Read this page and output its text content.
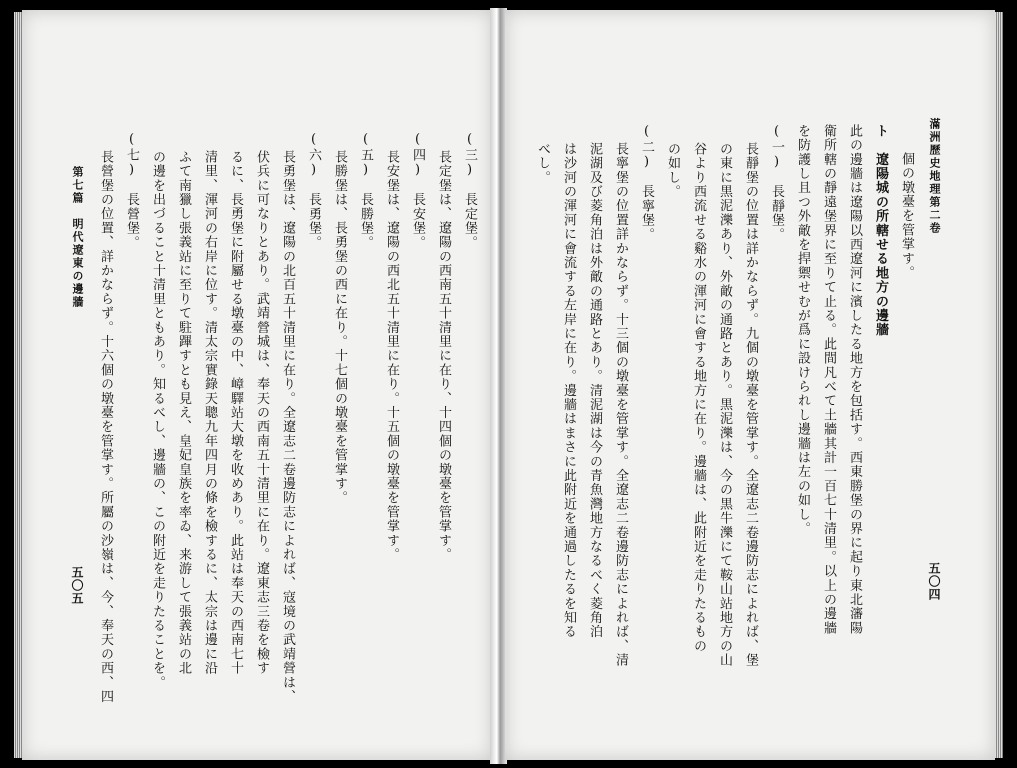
(三)　長定堡。
長定堡は、遼陽の西南五十清里に在り、十四個の墩臺を管掌す。
(四)　長安堡。
長安堡は、遼陽の西北五十清里に在り。十五個の墩臺を管掌す。
(五)　長勝堡。
長勝堡は、長勇堡の西に在り。十七個の墩臺を管掌す。
(六)　長勇堡。
長勇堡は、遼陽の北百五十清里に在り。全遼志二卷邊防志によれば、寇境の武靖營は、
伏兵に可なりとあり。武靖營城は、奉天の西南五十清里に在り。遼東志三卷を檢す
るに、長勇堡に附屬せる墩臺の中、嶂驛站大墩を收めあり。此站は奉天の西南七十
清里、渾河の右岸に位す。清太宗實錄天聰九年四月の條を檢するに、太宗は邊に沿
ふて南獵し張義站に至りて駐蹕すとも見え、皇妃皇族を率ゐ、来游して張義站の北
の邊を出づること十清里ともあり。知るべし、邊牆の、この附近を走りたることを。
(七)　長營堡。
長營堡の位置、詳かならず。十六個の墩臺を管掌す。所屬の沙嶺は、今、奉天の西、四
第七篇　明代遼東の邊牆
五〇五
滿洲歷史地理第二卷
五〇四
個の墩臺を管掌す。
ト　遼陽城の所轄せる地方の邊牆
此の邊牆は遼陽以西遼河に濱したる地方を包括す。西東勝堡の界に起り東北瀋陽
衛所轄の靜遠堡界に至りて止る。此間凡べて土牆其計一百七十清里。以上の邊牆
を防護し且つ外敵を捍禦せむが爲に設けられし邊牆は左の如し。
(一)　長靜堡。
長靜堡の位置は詳かならず。九個の墩臺を管掌す。全遼志二卷邊防志によれば、堡
の東に黒泥濼あり、外敵の通路とあり。黒泥濼は、今の黒牛濼にて鞍山站地方の山
谷より西流せる谿水の渾河に會する地方に在り。邊牆は、此附近を走りたるもの
の如し。
(二)　長寧堡。
長寧堡の位置詳かならず。十三個の墩臺を管掌す。全遼志二卷邊防志によれば、清
泥湖及び菱角泊は外敵の通路とあり。清泥湖は今の青魚灣地方なるべく菱角泊
は沙河の渾河に會流する左岸に在り。邊牆はまさに此附近を通過したるを知る
べし。
